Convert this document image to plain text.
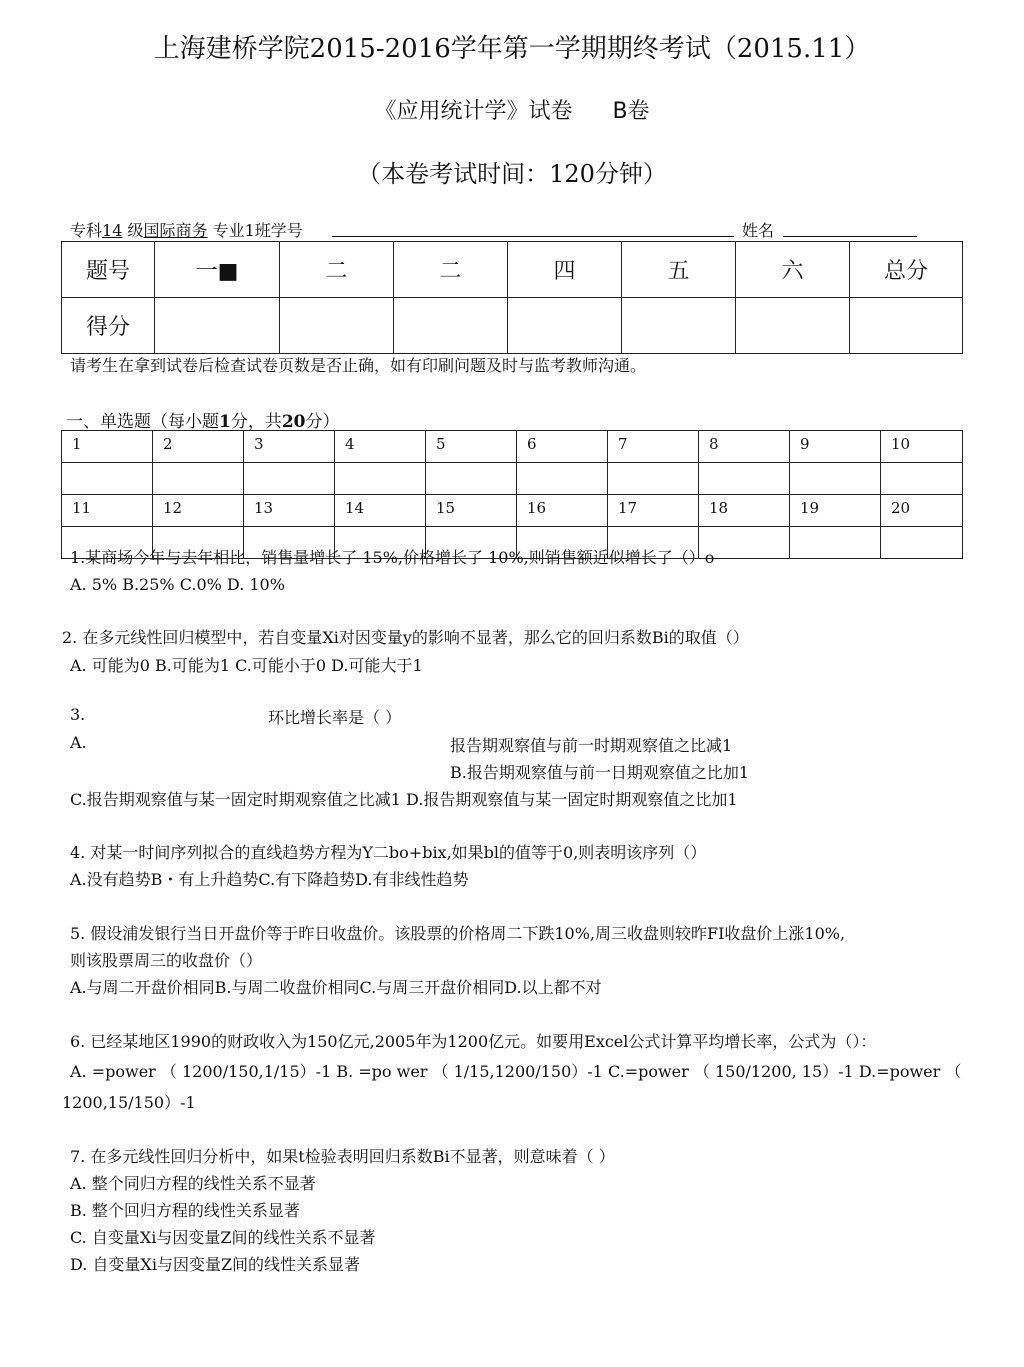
上海建桥学院2015-2016学年第一学期期终考试（2015.11）
《应用统计学》试卷 B卷
（本卷考试时间：120分钟）
专科14 级国际商务 专业1班学号	姓名
题号	一■	二	二	四	五	六	总分
得分							
请考生在拿到试卷后检查试卷页数是否止确，如有印刷问题及时与监考教师沟通。
一、单选题（每小题1分，共20分）
1	2	3	4	5	6	7	8	9	10

11	12	13	14	15	16	17	18	19	20

1.某商场今年与去年相比，销售量增长了 15%,价格增长了 10%,则销售额近似增长了（）o
A. 5% B.25% C.0% D. 10%
2. 在多元线性回归模型中，若自变量Xi对因变量y的影响不显著，那么它的回归系数Bi的取值（）
A. 可能为0 B.可能为1 C.可能小于0 D.可能大于1
3.	环比增长率是（ ）
A.	报告期观察值与前一时期观察值之比减1
B.报告期观察值与前一日期观察值之比加1
C.报告期观察值与某一固定时期观察值之比减1 D.报告期观察值与某一固定时期观察值之比加1
4. 对某一时间序列拟合的直线趋势方程为Y二bo+bix,如果bl的值等于0,则表明该序列（）
A.没有趋势B・有上升趋势C.有下降趋势D.有非线性趋势
5. 假设浦发银行当日开盘价等于昨日收盘价。该股票的价格周二下跌10%,周三收盘则较昨FI收盘价上涨10%,
则该股票周三的收盘价（）
A.与周二开盘价相同B.与周二收盘价相同C.与周三开盘价相同D.以上都不对
6. 已经某地区1990的财政收入为150亿元,2005年为1200亿元。如要用Excel公式计算平均增长率，公式为（）：
A. =power （ 1200/150,1/15）-1 B. =po wer （ 1/15,1200/150）-1 C.=power （ 150/1200, 15）-1 D.=power （
1200,15/150）-1
7. 在多元线性回归分析中，如果t检验表明回归系数Bi不显著，则意味着（ ）
A. 整个同归方程的线性关系不显著
B. 整个回归方程的线性关系显著
C. 自变量Xi与因变量Z间的线性关系不显著
D. 自变量Xi与因变量Z间的线性关系显著
